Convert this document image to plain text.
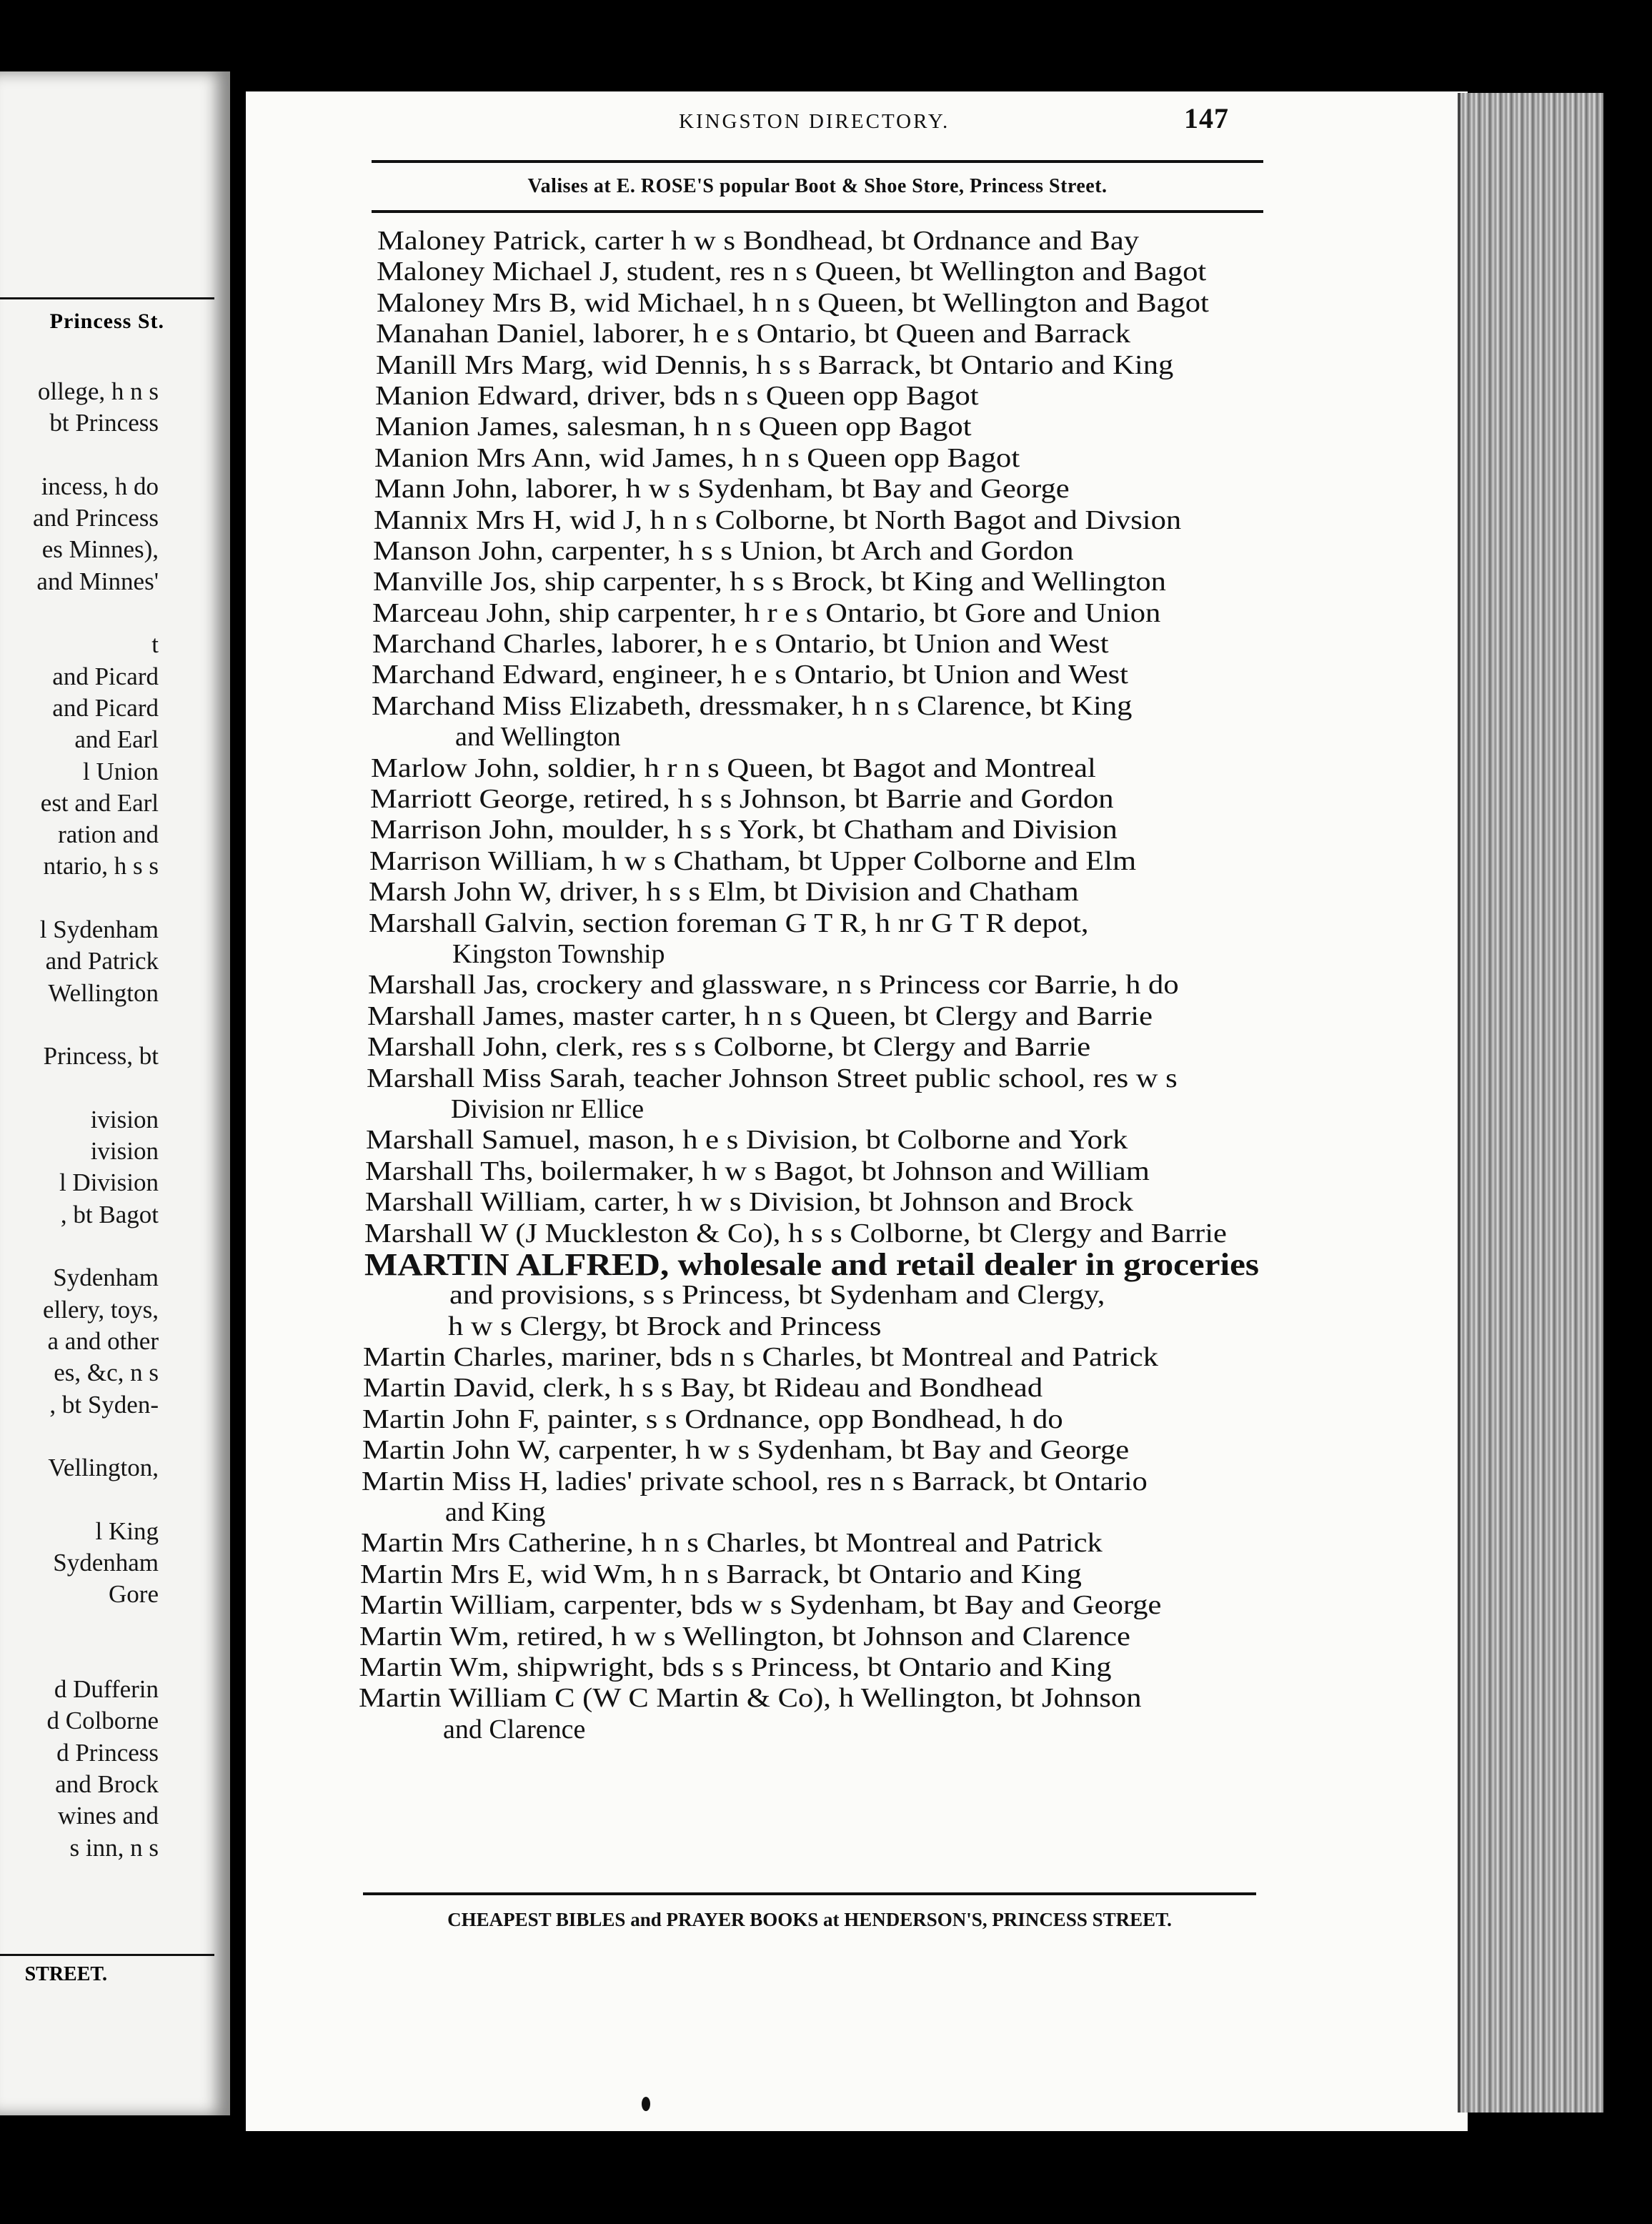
Princess St.
ollege, h n s
bt Princess
incess, h do
and Princess
es Minnes),
and Minnes'
t
and Picard
and Picard
and Earl
l Union
est and Earl
ration and
ntario, h s s
l Sydenham
and Patrick
Wellington
Princess, bt
ivision
ivision
l Division
, bt Bagot
Sydenham
ellery, toys,
a and other
es, &c, n s
, bt Syden-
Vellington,
l King
Sydenham
Gore
d Dufferin
d Colborne
d Princess
and Brock
wines and
s inn, n s
STREET.
KINGSTON DIRECTORY.	147
Valises at E. ROSE'S popular Boot & Shoe Store, Princess Street.
Maloney Patrick, carter h w s Bondhead, bt Ordnance and Bay
Maloney Michael J, student, res n s Queen, bt Wellington and Bagot
Maloney Mrs B, wid Michael, h n s Queen, bt Wellington and Bagot
Manahan Daniel, laborer, h e s Ontario, bt Queen and Barrack
Manill Mrs Marg, wid Dennis, h s s Barrack, bt Ontario and King
Manion Edward, driver, bds n s Queen opp Bagot
Manion James, salesman, h n s Queen opp Bagot
Manion Mrs Ann, wid James, h n s Queen opp Bagot
Mann John, laborer, h w s Sydenham, bt Bay and George
Mannix Mrs H, wid J, h n s Colborne, bt North Bagot and Divsion
Manson John, carpenter, h s s Union, bt Arch and Gordon
Manville Jos, ship carpenter, h s s Brock, bt King and Wellington
Marceau John, ship carpenter, h r e s Ontario, bt Gore and Union
Marchand Charles, laborer, h e s Ontario, bt Union and West
Marchand Edward, engineer, h e s Ontario, bt Union and West
Marchand Miss Elizabeth, dressmaker, h n s Clarence, bt King
and Wellington
Marlow John, soldier, h r n s Queen, bt Bagot and Montreal
Marriott George, retired, h s s Johnson, bt Barrie and Gordon
Marrison John, moulder, h s s York, bt Chatham and Division
Marrison William, h w s Chatham, bt Upper Colborne and Elm
Marsh John W, driver, h s s Elm, bt Division and Chatham
Marshall Galvin, section foreman G T R, h nr G T R depot,
Kingston Township
Marshall Jas, crockery and glassware, n s Princess cor Barrie, h do
Marshall James, master carter, h n s Queen, bt Clergy and Barrie
Marshall John, clerk, res s s Colborne, bt Clergy and Barrie
Marshall Miss Sarah, teacher Johnson Street public school, res w s
Division nr Ellice
Marshall Samuel, mason, h e s Division, bt Colborne and York
Marshall Ths, boilermaker, h w s Bagot, bt Johnson and William
Marshall William, carter, h w s Division, bt Johnson and Brock
Marshall W (J Muckleston & Co), h s s Colborne, bt Clergy and Barrie
MARTIN ALFRED, wholesale and retail dealer in groceries
and provisions, s s Princess, bt Sydenham and Clergy,
h w s Clergy, bt Brock and Princess
Martin Charles, mariner, bds n s Charles, bt Montreal and Patrick
Martin David, clerk, h s s Bay, bt Rideau and Bondhead
Martin John F, painter, s s Ordnance, opp Bondhead, h do
Martin John W, carpenter, h w s Sydenham, bt Bay and George
Martin Miss H, ladies' private school, res n s Barrack, bt Ontario
and King
Martin Mrs Catherine, h n s Charles, bt Montreal and Patrick
Martin Mrs E, wid Wm, h n s Barrack, bt Ontario and King
Martin William, carpenter, bds w s Sydenham, bt Bay and George
Martin Wm, retired, h w s Wellington, bt Johnson and Clarence
Martin Wm, shipwright, bds s s Princess, bt Ontario and King
Martin William C (W C Martin & Co), h Wellington, bt Johnson
and Clarence
CHEAPEST BIBLES and PRAYER BOOKS at HENDERSON'S, PRINCESS STREET.
